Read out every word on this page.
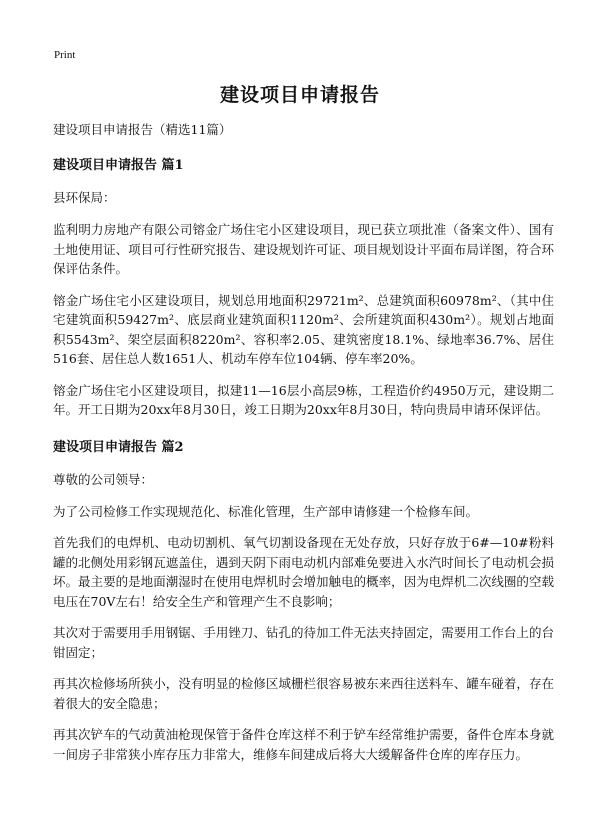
Print
建设项目申请报告

建设项目申请报告（精选11篇）

建设项目申请报告 篇1

县环保局：

监利明力房地产有限公司镕金广场住宅小区建设项目，现已获立项批准（备案文件）、国有土地使用证、项目可行性研究报告、建设规划许可证、项目规划设计平面布局详图，符合环保评估条件。

镕金广场住宅小区建设项目，规划总用地面积29721m²、总建筑面积60978m²、（其中住宅建筑面积59427m²、底层商业建筑面积1120m²、会所建筑面积430m²）。规划占地面积5543m²、架空层面积8220m²、容积率2.05、建筑密度18.1%、绿地率36.7%、居住516套、居住总人数1651人、机动车停车位104辆、停车率20%。

镕金广场住宅小区建设项目，拟建11—16层小高层9栋，工程造价约4950万元，建设期二年。开工日期为20xx年8月30日，竣工日期为20xx年8月30日，特向贵局申请环保评估。

建设项目申请报告 篇2

尊敬的公司领导：

为了公司检修工作实现规范化、标准化管理，生产部申请修建一个检修车间。

首先我们的电焊机、电动切割机、氧气切割设备现在无处存放，只好存放于6#—10#粉料罐的北侧处用彩钢瓦遮盖住，遇到天阴下雨电动机内部难免要进入水汽时间长了电动机会损坏。最主要的是地面潮湿时在使用电焊机时会增加触电的概率，因为电焊机二次线圈的空载电压在70V左右！给安全生产和管理产生不良影响；

其次对于需要用手用钢锯、手用锉刀、钻孔的待加工件无法夹持固定，需要用工作台上的台钳固定；

再其次检修场所狭小，没有明显的检修区域栅栏很容易被东来西往送料车、罐车碰着，存在着很大的安全隐患；

再其次铲车的气动黄油枪现保管于备件仓库这样不利于铲车经常维护需要，备件仓库本身就一间房子非常狭小库存压力非常大，维修车间建成后将大大缓解备件仓库的库存压力。
